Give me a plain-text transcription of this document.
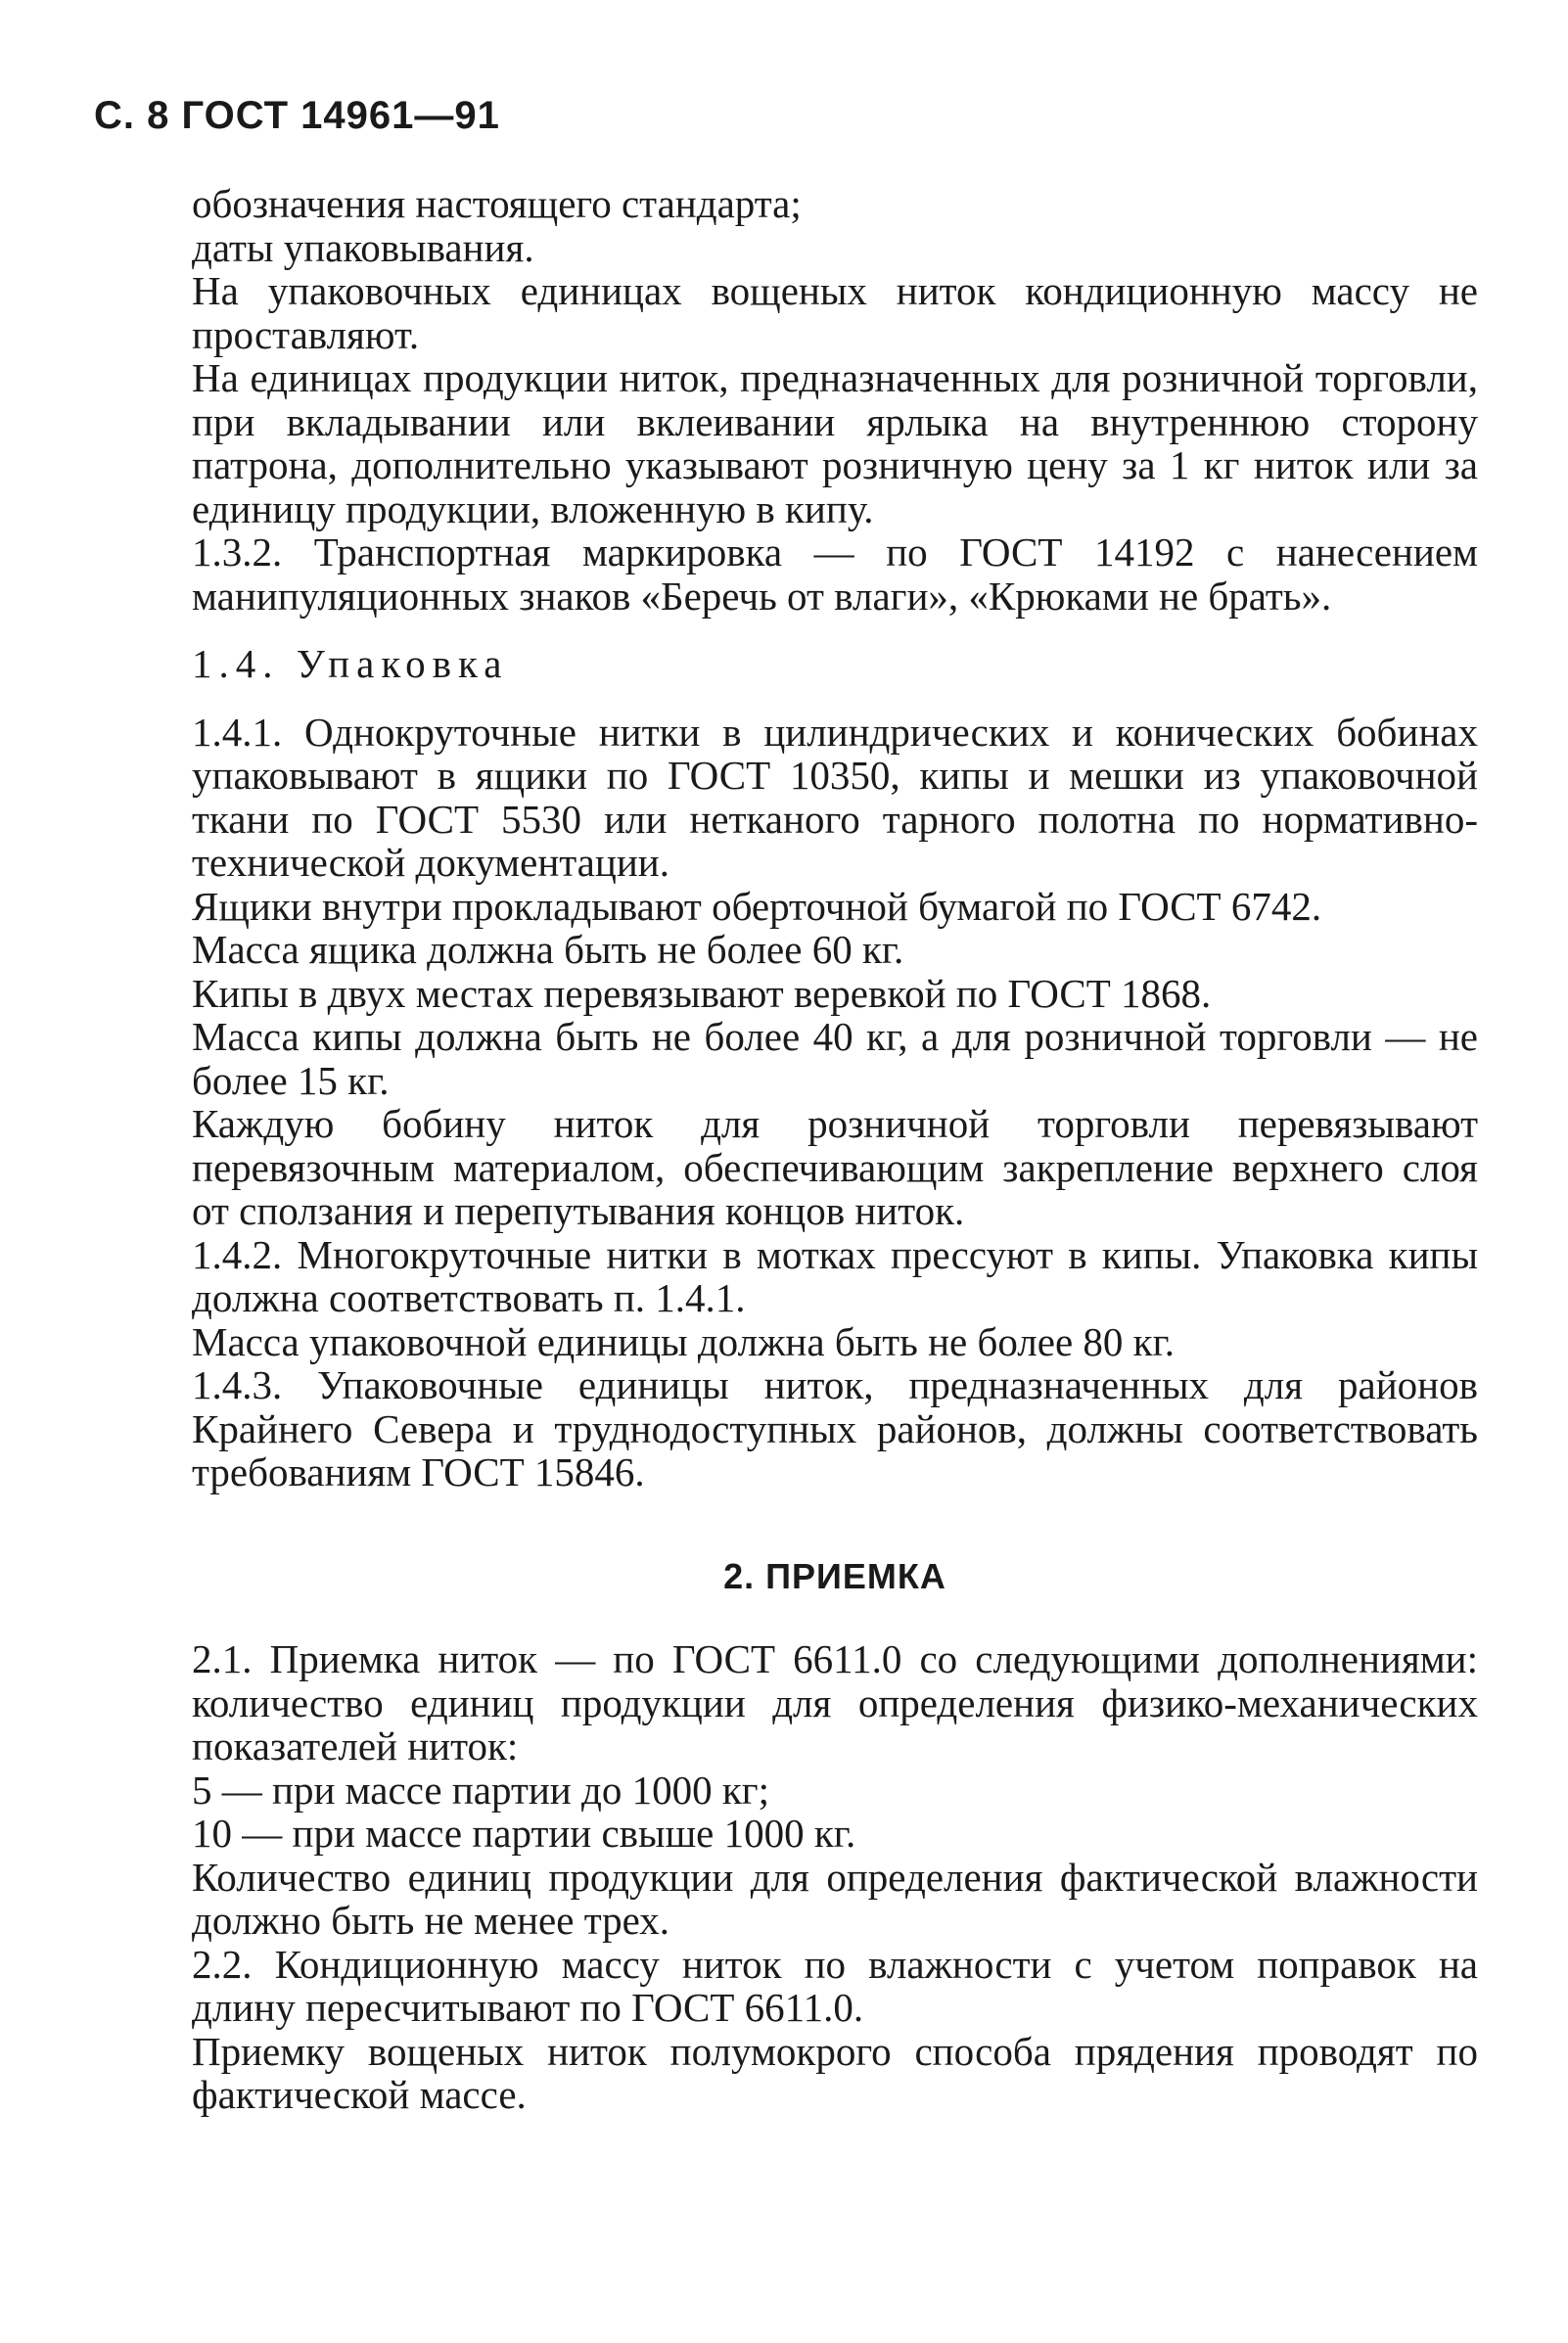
С. 8 ГОСТ 14961—91

обозначения настоящего стандарта;

даты упаковывания.

На упаковочных единицах вощеных ниток кондиционную массу не проставляют.

На единицах продукции ниток, предназначенных для розничной торговли, при вкладывании или вклеивании ярлыка на внутреннюю сторону патрона, дополнительно указывают розничную цену за 1 кг ниток или за единицу продукции, вложенную в кипу.

1.3.2. Транспортная маркировка — по ГОСТ 14192 с нанесением манипуляционных знаков «Беречь от влаги», «Крюками не брать».

1.4. Упаковка

1.4.1. Однокруточные нитки в цилиндрических и конических бобинах упаковывают в ящики по ГОСТ 10350, кипы и мешки из упаковочной ткани по ГОСТ 5530 или нетканого тарного полотна по нормативно-технической документации.

Ящики внутри прокладывают оберточной бумагой по ГОСТ 6742.

Масса ящика должна быть не более 60 кг.

Кипы в двух местах перевязывают веревкой по ГОСТ 1868.

Масса кипы должна быть не более 40 кг, а для розничной торговли — не более 15 кг.

Каждую бобину ниток для розничной торговли перевязывают перевязочным материалом, обеспечивающим закрепление верхнего слоя от сползания и перепутывания концов ниток.

1.4.2. Многокруточные нитки в мотках прессуют в кипы. Упаковка кипы должна соответствовать п. 1.4.1.

Масса упаковочной единицы должна быть не более 80 кг.

1.4.3. Упаковочные единицы ниток, предназначенных для районов Крайнего Севера и труднодоступных районов, должны соответствовать требованиям ГОСТ 15846.

2. ПРИЕМКА

2.1. Приемка ниток — по ГОСТ 6611.0 со следующими дополнениями: количество единиц продукции для определения физико-механических показателей ниток:

5 — при массе партии до 1000 кг;

10 — при массе партии свыше 1000 кг.

Количество единиц продукции для определения фактической влажности должно быть не менее трех.

2.2. Кондиционную массу ниток по влажности с учетом поправок на длину пересчитывают по ГОСТ 6611.0.

Приемку вощеных ниток полумокрого способа прядения проводят по фактической массе.
